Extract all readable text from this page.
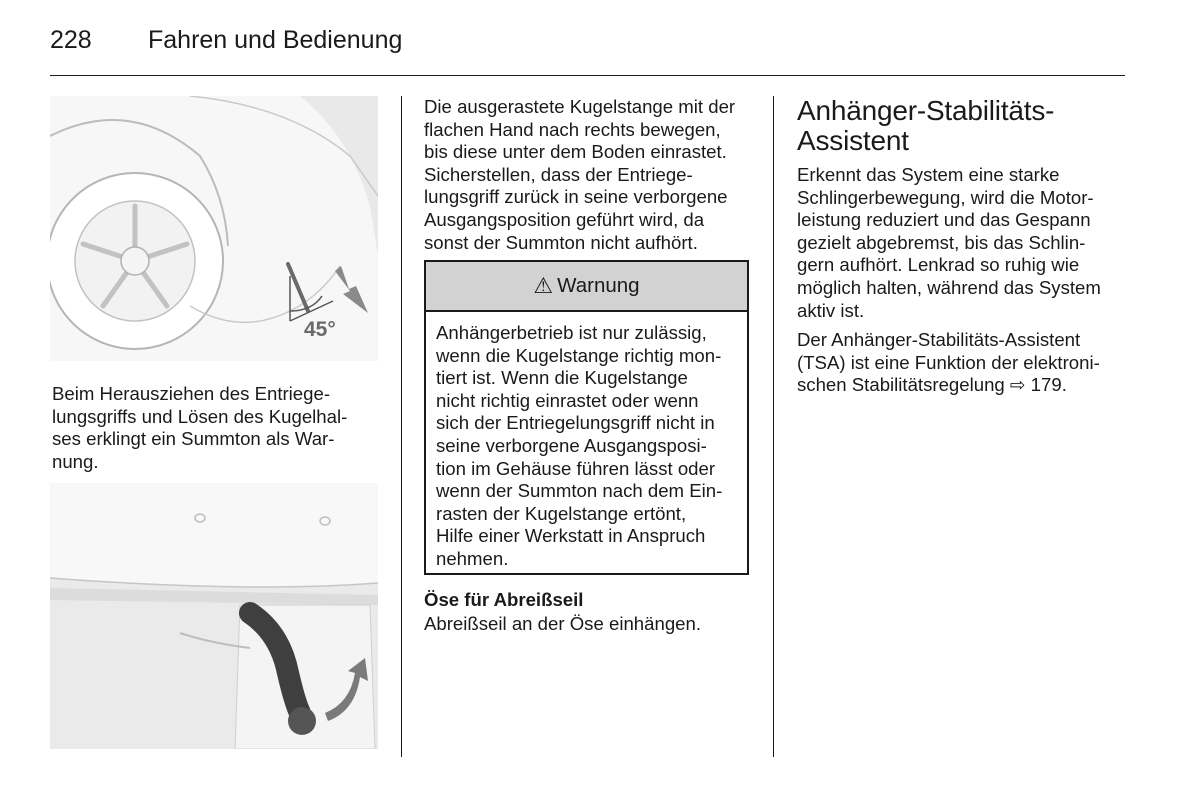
228 Fahren und Bedienung
45°
Beim Herausziehen des Entriege-
lungsgriffs und Lösen des Kugelhal-
ses erklingt ein Summton als War-
nung.
Die ausgerastete Kugelstange mit der
flachen Hand nach rechts bewegen,
bis diese unter dem Boden einrastet.
Sicherstellen, dass der Entriege-
lungsgriff zurück in seine verborgene
Ausgangsposition geführt wird, da
sonst der Summton nicht aufhört.
⚠ Warnung
Anhängerbetrieb ist nur zulässig,
wenn die Kugelstange richtig mon-
tiert ist. Wenn die Kugelstange
nicht richtig einrastet oder wenn
sich der Entriegelungsgriff nicht in
seine verborgene Ausgangsposi-
tion im Gehäuse führen lässt oder
wenn der Summton nach dem Ein-
rasten der Kugelstange ertönt,
Hilfe einer Werkstatt in Anspruch
nehmen.
Öse für Abreißseil
Abreißseil an der Öse einhängen.
Anhänger-Stabilitäts-
Assistent
Erkennt das System eine starke
Schlingerbewegung, wird die Motor-
leistung reduziert und das Gespann
gezielt abgebremst, bis das Schlin-
gern aufhört. Lenkrad so ruhig wie
möglich halten, während das System
aktiv ist.
Der Anhänger-Stabilitäts-Assistent
(TSA) ist eine Funktion der elektroni-
schen Stabilitätsregelung ⇨ 179.
